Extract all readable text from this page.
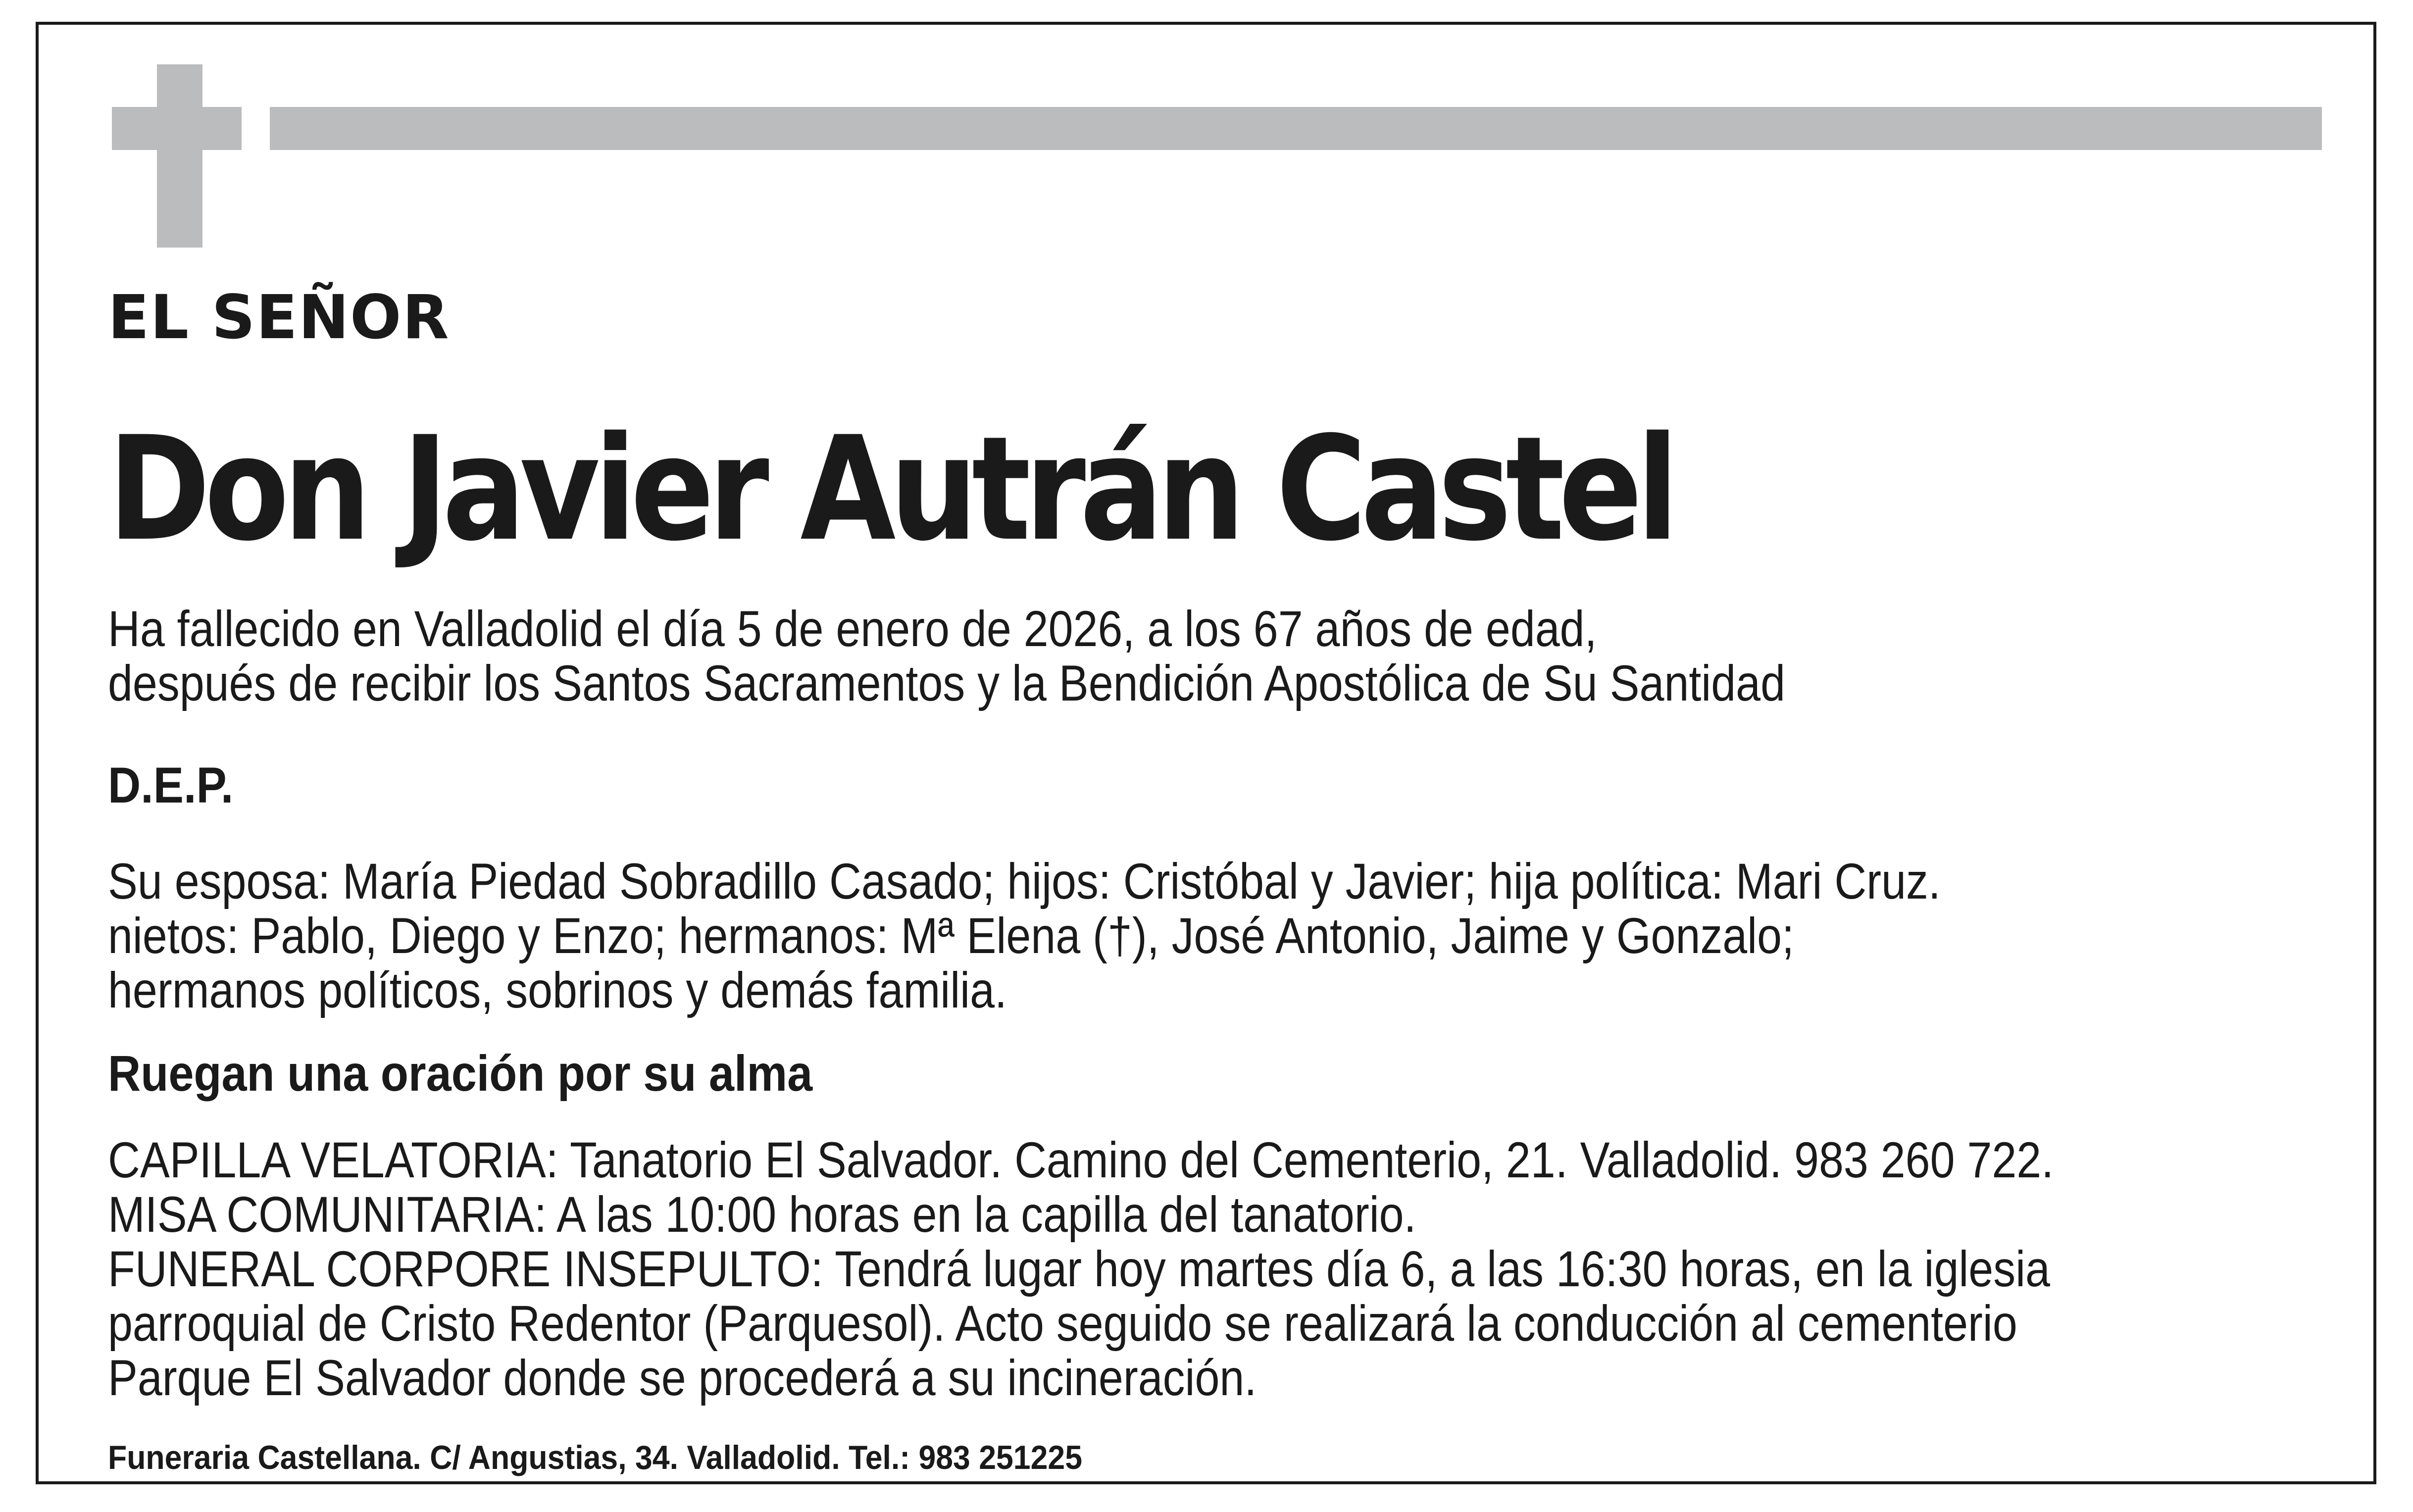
EL SEÑOR

Don Javier Autrán Castel

Ha fallecido en Valladolid el día 5 de enero de 2026, a los 67 años de edad,

después de recibir los Santos Sacramentos y la Bendición Apostólica de Su Santidad

D.E.P.

Su esposa: María Piedad Sobradillo Casado; hijos: Cristóbal y Javier; hija política: Mari Cruz.

nietos: Pablo, Diego y Enzo; hermanos: Mª Elena (†), José Antonio, Jaime y Gonzalo;

hermanos políticos, sobrinos y demás familia.

Ruegan una oración por su alma

CAPILLA VELATORIA: Tanatorio El Salvador. Camino del Cementerio, 21. Valladolid. 983 260 722.

MISA COMUNITARIA: A las 10:00 horas en la capilla del tanatorio.

FUNERAL CORPORE INSEPULTO: Tendrá lugar hoy martes día 6, a las 16:30 horas, en la iglesia

parroquial de Cristo Redentor (Parquesol). Acto seguido se realizará la conducción al cementerio

Parque El Salvador donde se procederá a su incineración.

Funeraria Castellana. C/ Angustias, 34. Valladolid. Tel.: 983 251225
